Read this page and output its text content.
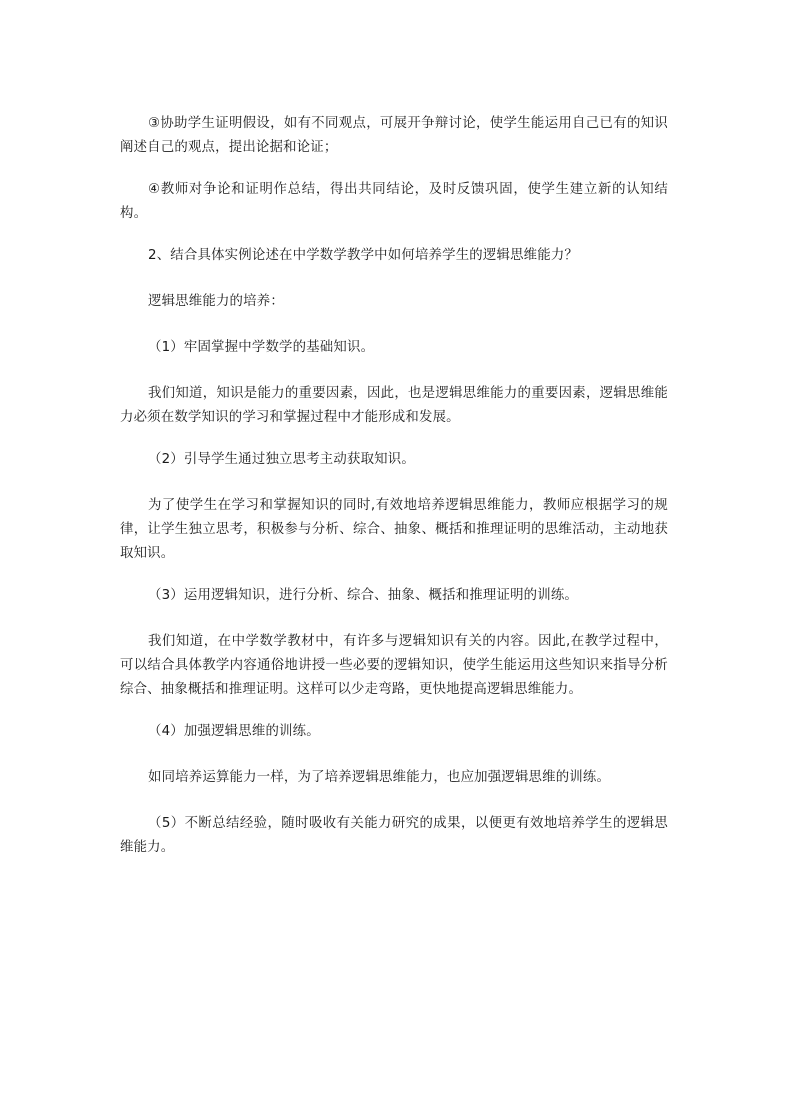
③协助学生证明假设，如有不同观点，可展开争辩讨论，使学生能运用自己已有的知识阐述自己的观点，提出论据和论证；

④教师对争论和证明作总结，得出共同结论，及时反馈巩固，使学生建立新的认知结构。

2、结合具体实例论述在中学数学教学中如何培养学生的逻辑思维能力？

逻辑思维能力的培养：

（1）牢固掌握中学数学的基础知识。

我们知道，知识是能力的重要因素，因此，也是逻辑思维能力的重要因素，逻辑思维能力必须在数学知识的学习和掌握过程中才能形成和发展。

（2）引导学生通过独立思考主动获取知识。

为了使学生在学习和掌握知识的同时,有效地培养逻辑思维能力，教师应根据学习的规律，让学生独立思考，积极参与分析、综合、抽象、概括和推理证明的思维活动，主动地获取知识。

（3）运用逻辑知识，进行分析、综合、抽象、概括和推理证明的训练。

我们知道，在中学数学教材中，有许多与逻辑知识有关的内容。因此,在教学过程中，可以结合具体教学内容通俗地讲授一些必要的逻辑知识，使学生能运用这些知识来指导分析综合、抽象概括和推理证明。这样可以少走弯路，更快地提高逻辑思维能力。

（4）加强逻辑思维的训练。

如同培养运算能力一样，为了培养逻辑思维能力，也应加强逻辑思维的训练。

（5）不断总结经验，随时吸收有关能力研究的成果，以便更有效地培养学生的逻辑思维能力。
